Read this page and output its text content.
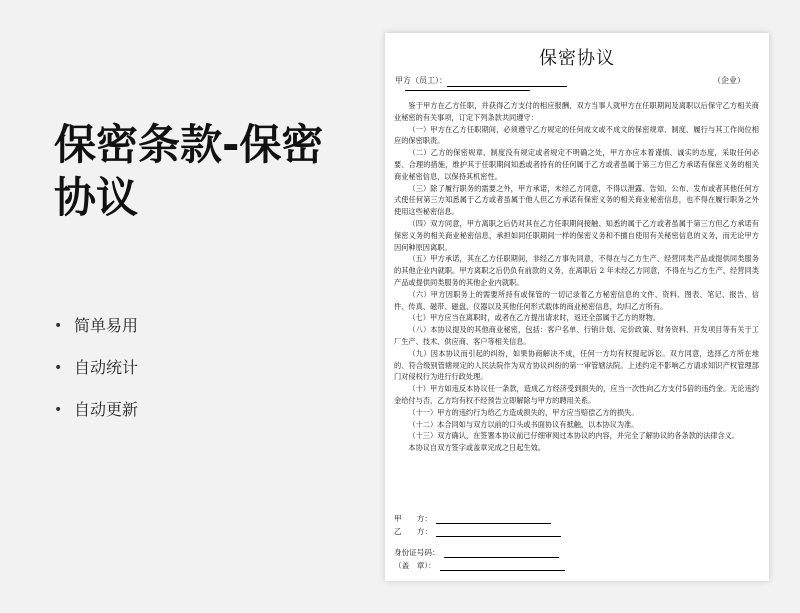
保密条款-保密协议
• 简单易用
• 自动统计
• 自动更新
保密协议
甲方（员工）：	（企业）

鉴于甲方在乙方任职，并获得乙方支付的相应报酬，双方当事人就甲方在任职期间及离职以后保守乙方相关商业秘密的有关事项，订定下列条款共同遵守：

（一）甲方在乙方任职期间，必须遵守乙方规定的任何成文或不成文的保密规章、制度、履行与其工作岗位相应的保密职责。

（二）乙方的保密规章、制度没有规定或者规定不明确之处，甲方亦应本着谨慎、诚实的态度，采取任何必要、合理的措施，维护其于任职期间知悉或者持有的任何属于乙方或者虽属于第三方但乙方承诺有保密义务的相关商业秘密信息，以保持其机密性。

（三）除了履行职务的需要之外，甲方承诺，未经乙方同意，不得以泄露、告知、公布、发布或者其他任何方式使任何第三方知悉属于乙方或者虽属于他人但乙方承诺有保密义务的相关商业秘密信息，也不得在履行职务之外使用这些秘密信息。

（四）双方同意，甲方离职之后仍对其在乙方任职期间接触、知悉的属于乙方或者虽属于第三方但乙方承诺有保密义务的相关商业秘密信息，承担如同任职期间一样的保密义务和不擅自使用有关秘密信息的义务，而无论甲方因何种原因离职。

（五）甲方承诺，其在乙方任职期间，非经乙方事先同意，不得在与乙方生产、经营同类产品或提供同类服务的其他企业内就职。甲方离职之后仍负有前款的义务，在离职后 2 年未经乙方同意，不得在与乙方生产、经营同类产品或提供同类服务的其他企业内就职。

（六）甲方因职务上的需要所持有或保管的一切记录着乙方秘密信息的文件、资料、图表、笔记、报告、信件、传真、磁带、磁盘、仪器以及其他任何形式载体的商业秘密信息，均归乙方所有。

（七）甲方应当在离职时，或者在乙方提出请求时，返还全部属于乙方的财物。

（八）本协议提及的其他商业秘密，包括：客户名单、行销计划、定价政策、财务资料、开发项目等有关于工厂生产、技术、供应商、客户等相关信息。

（九）因本协议而引起的纠纷，如果协商解决不成，任何一方均有权提起诉讼。双方同意，选择乙方所在地的、符合级别管辖规定的人民法院作为双方协议纠纷的第一审管辖法院。上述约定不影响乙方请求知识产权管理部门对侵权行为进行行政处理。

（十）甲方如违反本协议任一条款，造成乙方经济受到损失的，应当一次性向乙方支付5倍的违约金。无论违约金给付与否，乙方均有权不经预告立即解除与甲方的聘用关系。

（十一）甲方的违约行为给乙方造成损失的，甲方应当赔偿乙方的损失。

（十二）本合同如与双方以前的口头或书面协议有抵触，以本协议为准。

（十三）双方确认，在签署本协议前已仔细审阅过本协议的内容，并完全了解协议的各条款的法律含义。

本协议自双方签字或盖章完成之日起生效。

甲　　方：
乙　　方：
身份证号码：
（盖　章）：
